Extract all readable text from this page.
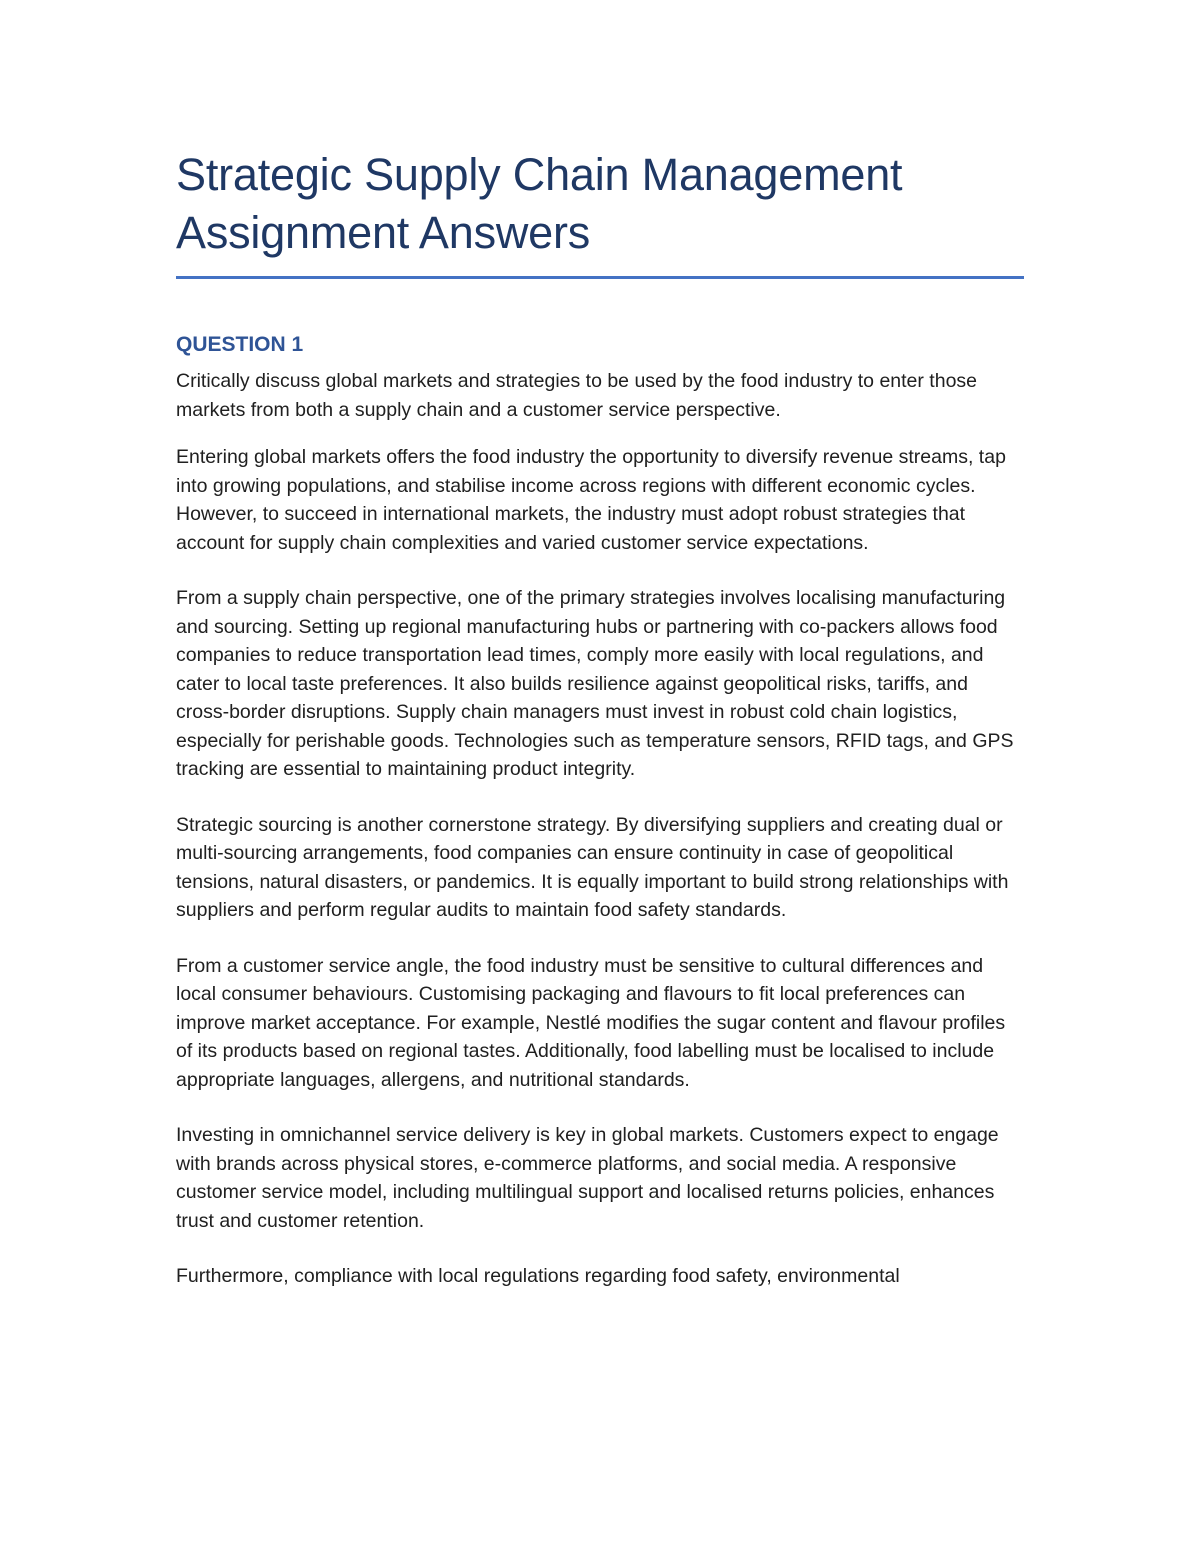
Strategic Supply Chain Management Assignment Answers
QUESTION 1

Critically discuss global markets and strategies to be used by the food industry to enter those markets from both a supply chain and a customer service perspective.

Entering global markets offers the food industry the opportunity to diversify revenue streams, tap into growing populations, and stabilise income across regions with different economic cycles. However, to succeed in international markets, the industry must adopt robust strategies that account for supply chain complexities and varied customer service expectations.

From a supply chain perspective, one of the primary strategies involves localising manufacturing and sourcing. Setting up regional manufacturing hubs or partnering with co-packers allows food companies to reduce transportation lead times, comply more easily with local regulations, and cater to local taste preferences. It also builds resilience against geopolitical risks, tariffs, and cross-border disruptions. Supply chain managers must invest in robust cold chain logistics, especially for perishable goods. Technologies such as temperature sensors, RFID tags, and GPS tracking are essential to maintaining product integrity.

Strategic sourcing is another cornerstone strategy. By diversifying suppliers and creating dual or multi-sourcing arrangements, food companies can ensure continuity in case of geopolitical tensions, natural disasters, or pandemics. It is equally important to build strong relationships with suppliers and perform regular audits to maintain food safety standards.

From a customer service angle, the food industry must be sensitive to cultural differences and local consumer behaviours. Customising packaging and flavours to fit local preferences can improve market acceptance. For example, Nestlé modifies the sugar content and flavour profiles of its products based on regional tastes. Additionally, food labelling must be localised to include appropriate languages, allergens, and nutritional standards.

Investing in omnichannel service delivery is key in global markets. Customers expect to engage with brands across physical stores, e-commerce platforms, and social media. A responsive customer service model, including multilingual support and localised returns policies, enhances trust and customer retention.

Furthermore, compliance with local regulations regarding food safety, environmental
